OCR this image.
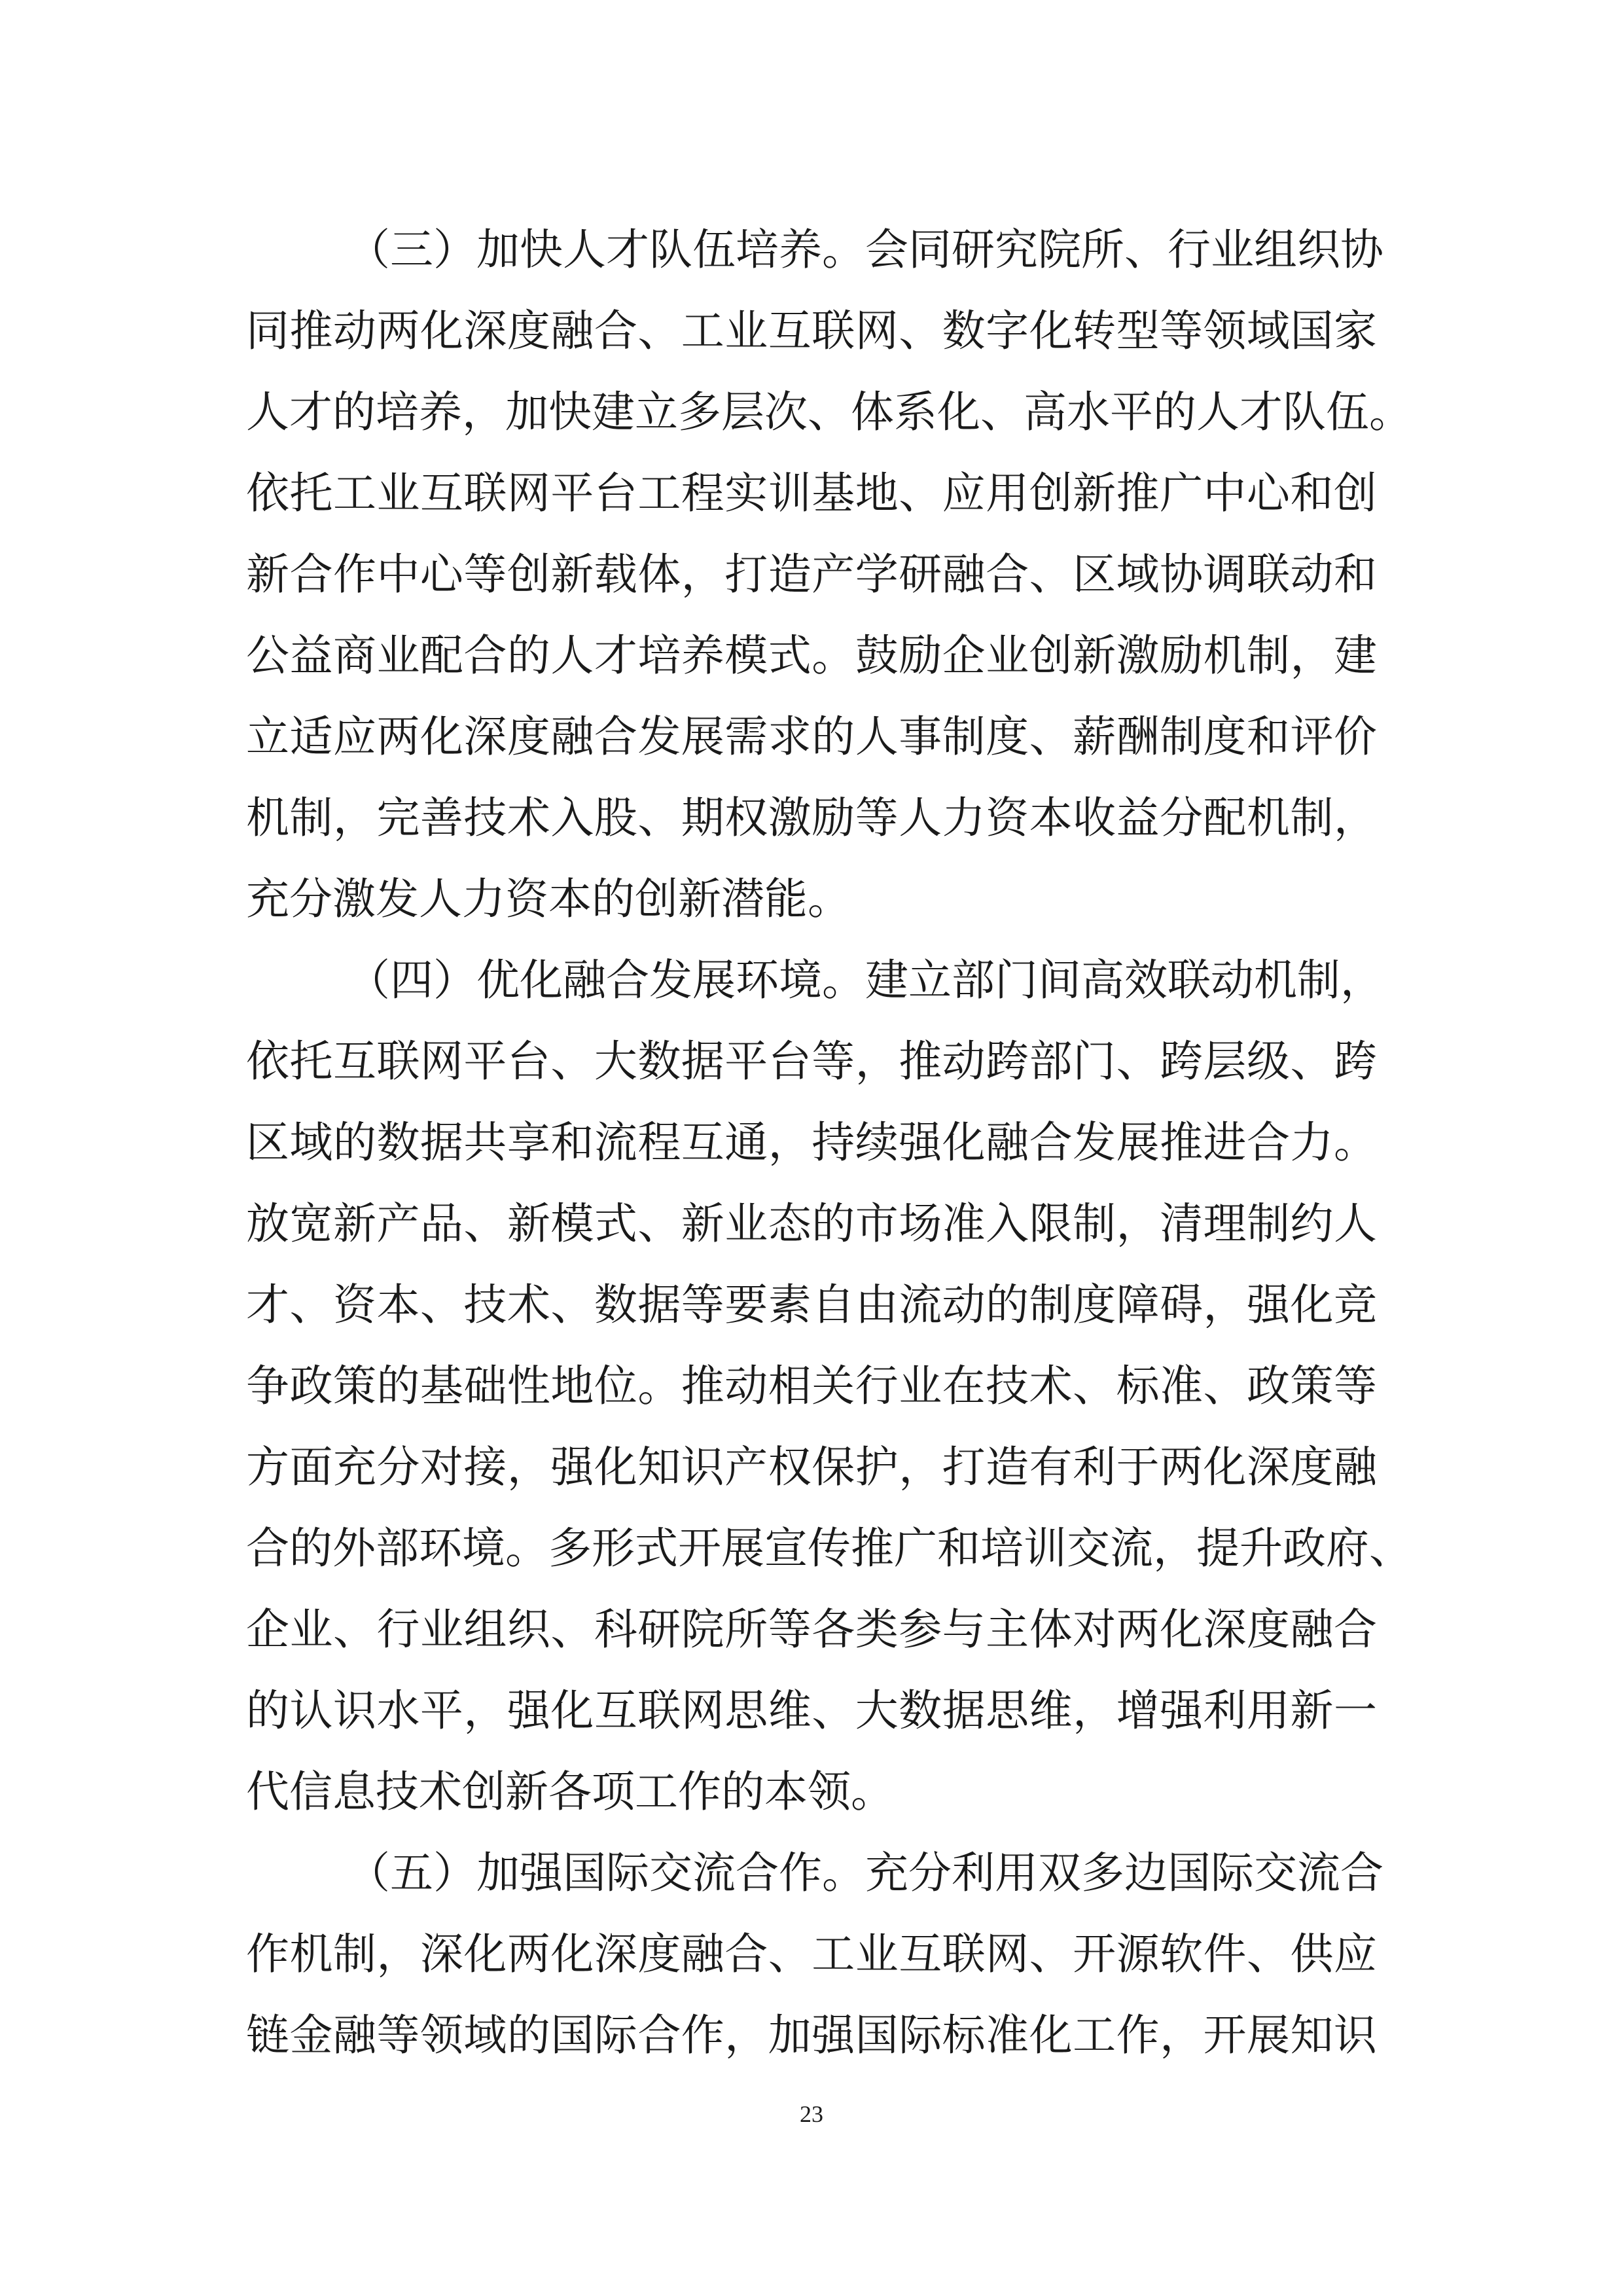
（三）加快人才队伍培养。会同研究院所、行业组织协
同推动两化深度融合、工业互联网、数字化转型等领域国家
人才的培养，加快建立多层次、体系化、高水平的人才队伍。
依托工业互联网平台工程实训基地、应用创新推广中心和创
新合作中心等创新载体，打造产学研融合、区域协调联动和
公益商业配合的人才培养模式。鼓励企业创新激励机制，建
立适应两化深度融合发展需求的人事制度、薪酬制度和评价
机制，完善技术入股、期权激励等人力资本收益分配机制，
充分激发人力资本的创新潜能。
（四）优化融合发展环境。建立部门间高效联动机制，
依托互联网平台、大数据平台等，推动跨部门、跨层级、跨
区域的数据共享和流程互通，持续强化融合发展推进合力。
放宽新产品、新模式、新业态的市场准入限制，清理制约人
才、资本、技术、数据等要素自由流动的制度障碍，强化竞
争政策的基础性地位。推动相关行业在技术、标准、政策等
方面充分对接，强化知识产权保护，打造有利于两化深度融
合的外部环境。多形式开展宣传推广和培训交流，提升政府、
企业、行业组织、科研院所等各类参与主体对两化深度融合
的认识水平，强化互联网思维、大数据思维，增强利用新一
代信息技术创新各项工作的本领。
（五）加强国际交流合作。充分利用双多边国际交流合
作机制，深化两化深度融合、工业互联网、开源软件、供应
链金融等领域的国际合作，加强国际标准化工作，开展知识
23
